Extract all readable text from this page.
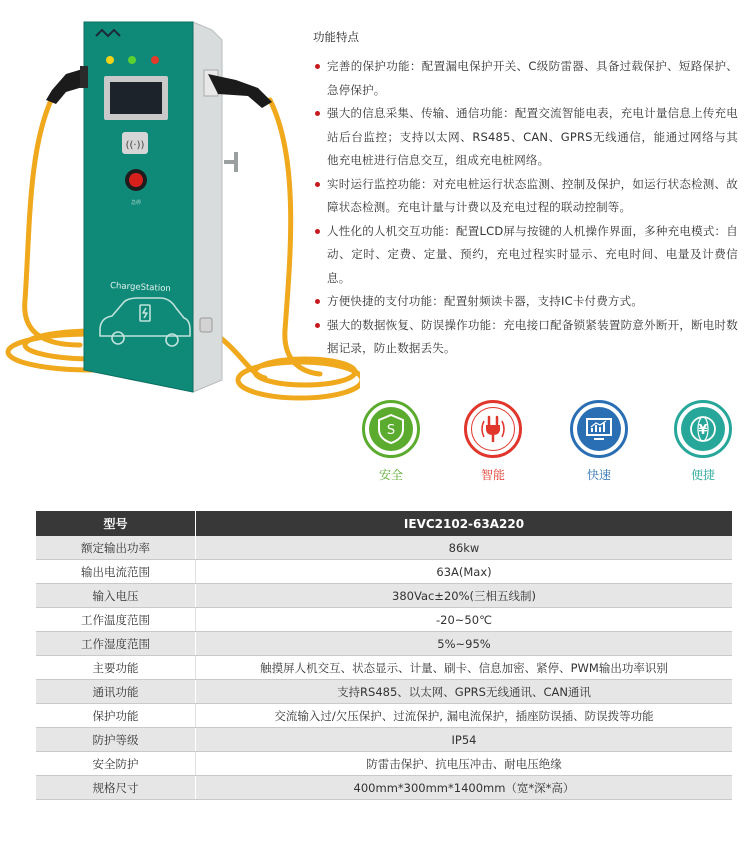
((·))
急停
ChargeStation
功能特点
完善的保护功能：配置漏电保护开关、C级防雷器、具备过载保护、短路保护、急停保护。
强大的信息采集、传输、通信功能：配置交流智能电表，充电计量信息上传充电站后台监控；支持以太网、RS485、CAN、GPRS无线通信，能通过网络与其他充电桩进行信息交互，组成充电桩网络。
实时运行监控功能：对充电桩运行状态监测、控制及保护，如运行状态检测、故障状态检测。充电计量与计费以及充电过程的联动控制等。
人性化的人机交互功能：配置LCD屏与按键的人机操作界面，多种充电模式：自动、定时、定费、定量、预约，充电过程实时显示、充电时间、电量及计费信息。
方便快捷的支付功能：配置射频读卡器，支持IC卡付费方式。
强大的数据恢复、防误操作功能：充电接口配备锁紧装置防意外断开，断电时数据记录，防止数据丢失。
S
安全	智能	快速
¥
便捷
型号	IEVC2102-63A220
额定输出功率	86kw
输出电流范围	63A(Max)
输入电压	380Vac±20%(三相五线制)
工作温度范围	-20~50℃
工作湿度范围	5%~95%
主要功能	触摸屏人机交互、状态显示、计量、刷卡、信息加密、紧停、PWM输出功率识别
通讯功能	支持RS485、以太网、GPRS无线通讯、CAN通讯
保护功能	交流输入过/欠压保护、过流保护, 漏电流保护，插座防误插、防误拨等功能
防护等级	IP54
安全防护	防雷击保护、抗电压冲击、耐电压绝缘
规格尺寸	400mm*300mm*1400mm（宽*深*高）
